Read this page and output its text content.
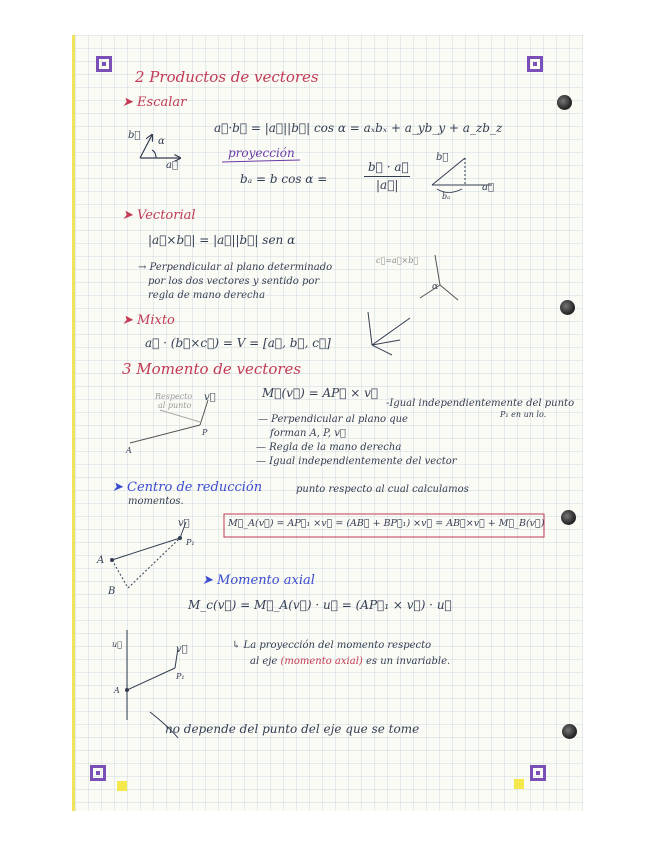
2 Productos de vectores
➤ Escalar
b⃗
α
a⃗
a⃗·b⃗ = |a⃗||b⃗| cos α = aₓbₓ + a_yb_y + a_zb_z
proyección
bₐ = b cos α =
b⃗ · a⃗
|a⃗|
b⃗
a⃗
bₐ
➤ Vectorial
|a⃗×b⃗| = |a⃗||b⃗| sen α
→ Perpendicular al plano determinado
por los dos vectores y sentido por
regla de mano derecha
c⃗=a⃗×b⃗
α
➤ Mixto
a⃗ · (b⃗×c⃗) = V = [a⃗, b⃗, c⃗]
3 Momento de vectores
M⃗(v⃗) = AP⃗ × v⃗
Respecto
al punto
v⃗
P
A
-Igual independientemente del punto
P₁ en un lo.
— Perpendicular al plano que
forman A, P, v⃗
— Regla de la mano derecha
— Igual independientemente del vector
➤ Centro de reducción	punto respecto al cual calculamos
momentos.
M⃗_A(v⃗) = AP⃗₁ ×v⃗ = (AB⃗ + BP⃗₁) ×v⃗ = AB⃗×v⃗ + M⃗_B(v⃗)
v⃗
P₁
A
B
➤ Momento axial
M_c(v⃗) = M⃗_A(v⃗) · u⃗ = (AP⃗₁ × v⃗) · u⃗
u⃗	v⃗
P₁
A
↳ La proyección del momento respecto
al eje (momento axial) es un invariable.
no depende del punto del eje que se tome
